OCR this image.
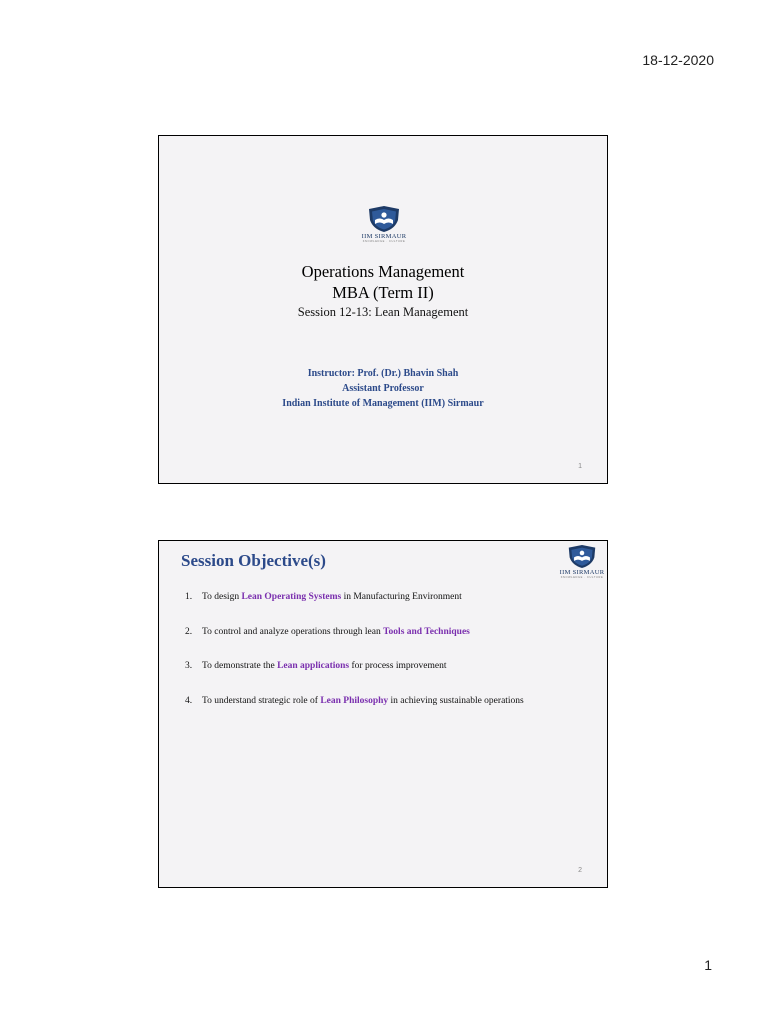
18-12-2020
IIM SIRMAUR
KNOWLEDGE · CULTURE
Operations Management
MBA (Term II)
Session 12-13: Lean Management
Instructor: Prof. (Dr.) Bhavin Shah
Assistant Professor
Indian Institute of Management (IIM) Sirmaur
1
Session Objective(s)
IIM SIRMAUR
KNOWLEDGE · CULTURE
1.	To design Lean Operating Systems in Manufacturing Environment
2.	To control and analyze operations through lean Tools and Techniques
3.	To demonstrate the Lean applications for process improvement
4.	To understand strategic role of Lean Philosophy in achieving sustainable operations
2
1
